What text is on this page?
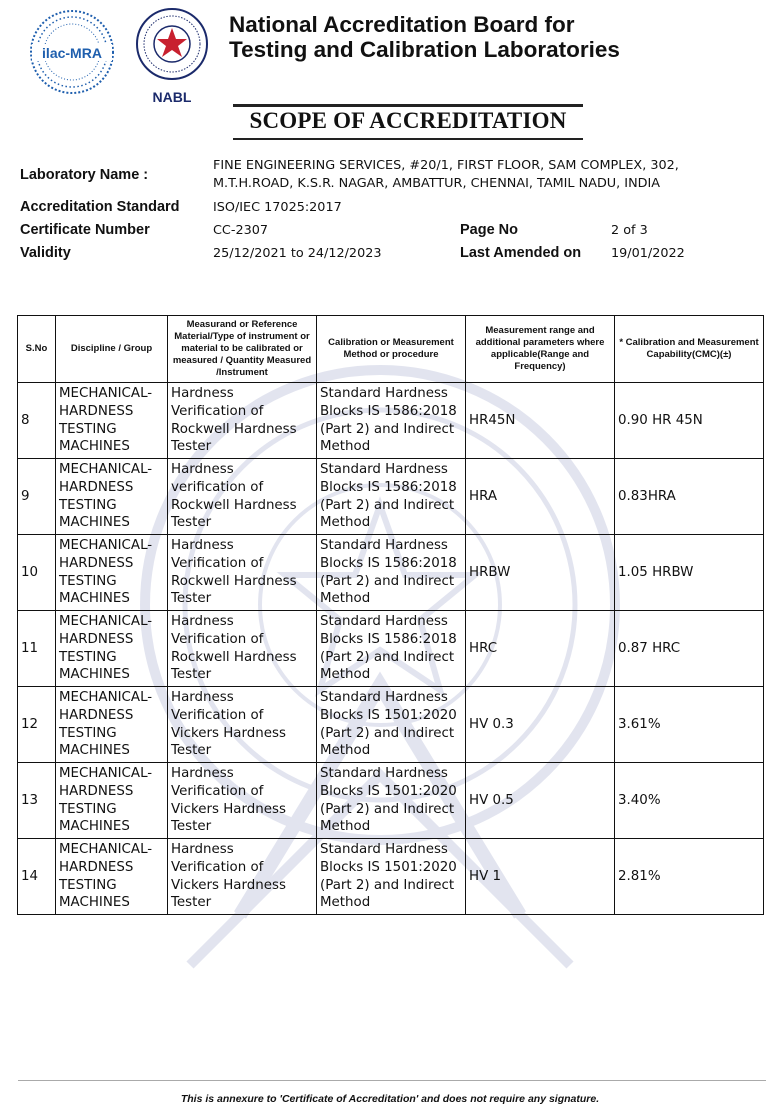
ilac-MRA
NABL
National Accreditation Board for
Testing and Calibration Laboratories
SCOPE OF ACCREDITATION
Laboratory Name :
FINE ENGINEERING SERVICES, #20/1, FIRST FLOOR, SAM COMPLEX, 302,
M.T.H.ROAD, K.S.R. NAGAR, AMBATTUR, CHENNAI, TAMIL NADU, INDIA
Accreditation Standard	ISO/IEC 17025:2017
Certificate Number	CC-2307	Page No	2 of 3
Validity	25/12/2021 to 24/12/2023	Last Amended on 19/01/2022
S.No	Discipline / Group	Measurand or Reference Material/Type of instrument or material to be calibrated or measured / Quantity Measured /Instrument	Calibration or Measurement Method or procedure	Measurement range and additional parameters where applicable(Range and Frequency)	* Calibration and Measurement Capability(CMC)(±)
8	MECHANICAL-
HARDNESS
TESTING
MACHINES	Hardness
Verification of
Rockwell Hardness
Tester	Standard Hardness
Blocks IS 1586:2018
(Part 2) and Indirect
Method	HR45N	0.90 HR 45N
9	MECHANICAL-
HARDNESS
TESTING
MACHINES	Hardness
verification of
Rockwell Hardness
Tester	Standard Hardness
Blocks IS 1586:2018
(Part 2) and Indirect
Method	HRA	0.83HRA
10	MECHANICAL-
HARDNESS
TESTING
MACHINES	Hardness
Verification of
Rockwell Hardness
Tester	Standard Hardness
Blocks IS 1586:2018
(Part 2) and Indirect
Method	HRBW	1.05 HRBW
11	MECHANICAL-
HARDNESS
TESTING
MACHINES	Hardness
Verification of
Rockwell Hardness
Tester	Standard Hardness
Blocks IS 1586:2018
(Part 2) and Indirect
Method	HRC	0.87 HRC
12	MECHANICAL-
HARDNESS
TESTING
MACHINES	Hardness
Verification of
Vickers Hardness
Tester	Standard Hardness
Blocks IS 1501:2020
(Part 2) and Indirect
Method	HV 0.3	3.61%
13	MECHANICAL-
HARDNESS
TESTING
MACHINES	Hardness
Verification of
Vickers Hardness
Tester	Standard Hardness
Blocks IS 1501:2020
(Part 2) and Indirect
Method	HV 0.5	3.40%
14	MECHANICAL-
HARDNESS
TESTING
MACHINES	Hardness
Verification of
Vickers Hardness
Tester	Standard Hardness
Blocks IS 1501:2020
(Part 2) and Indirect
Method	HV 1	2.81%
This is annexure to 'Certificate of Accreditation' and does not require any signature.
